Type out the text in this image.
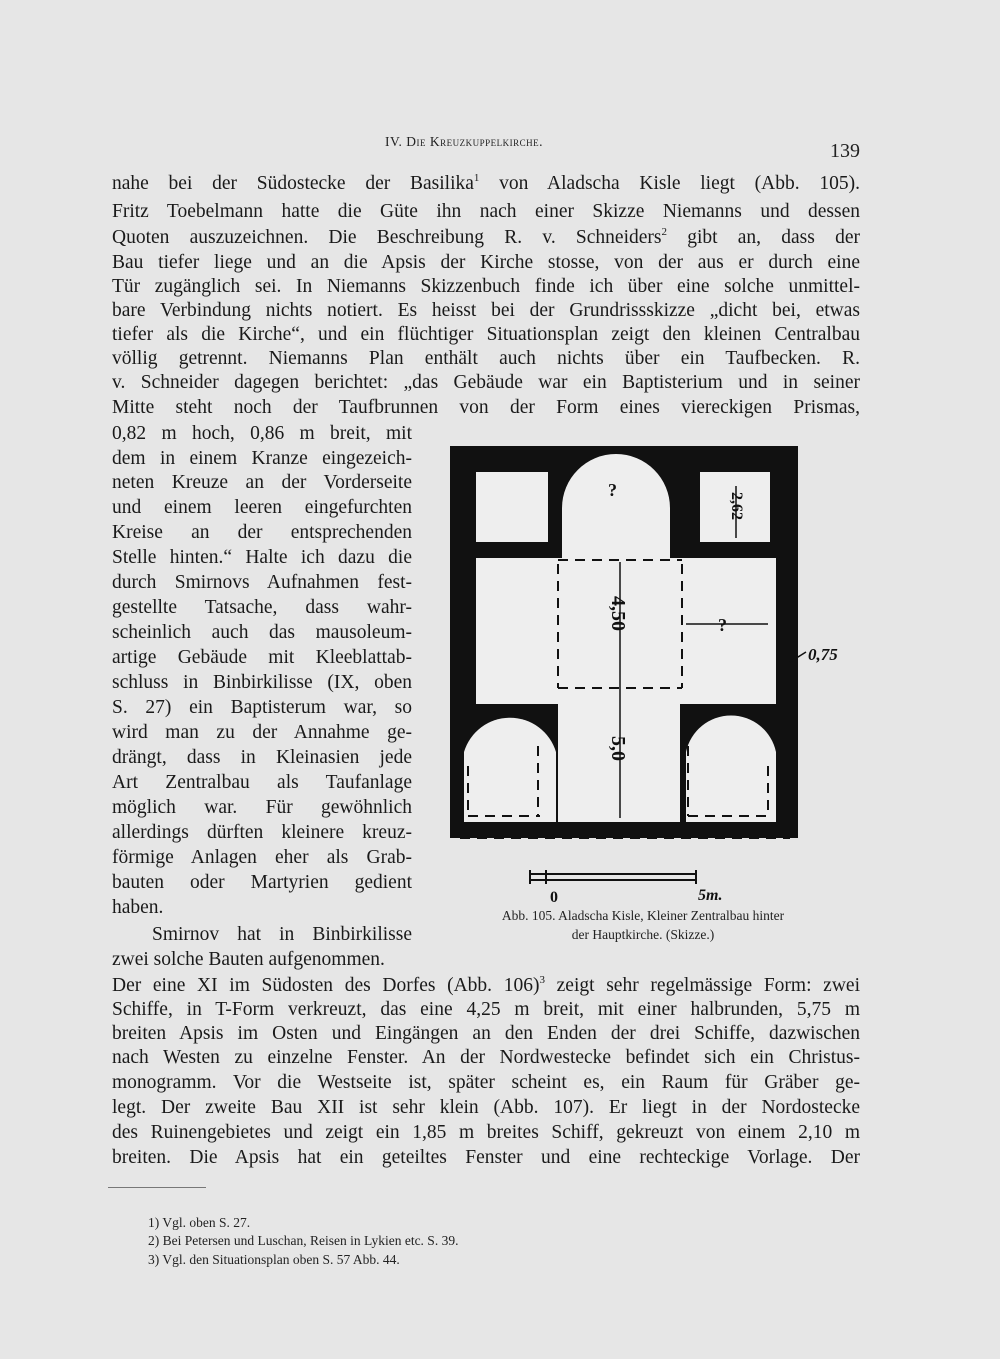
IV. Die Kreuzkuppelkirche.	139
nahe bei der Südostecke der Basilika$^1$ von Aladscha Kisle liegt (Abb. 105).
Fritz Toebelmann hatte die Güte ihn nach einer Skizze Niemanns und dessen
Quoten auszuzeichnen. Die Beschreibung R. v. Schneiders$^2$ gibt an, dass der
Bau tiefer liege und an die Apsis der Kirche stosse, von der aus er durch eine
Tür zugänglich sei. In Niemanns Skizzenbuch finde ich über eine solche unmittel-
bare Verbindung nichts notiert. Es heisst bei der Grundrissskizze „dicht bei, etwas
tiefer als die Kirche“, und ein flüchtiger Situationsplan zeigt den kleinen Centralbau
völlig getrennt. Niemanns Plan enthält auch nichts über ein Taufbecken. R.
v. Schneider dagegen berichtet: „das Gebäude war ein Baptisterium und in seiner
Mitte steht noch der Taufbrunnen von der Form eines viereckigen Prismas,
0,82 m hoch, 0,86 m breit, mit
dem in einem Kranze eingezeich-
neten Kreuze an der Vorderseite
und einem leeren eingefurchten
Kreise an der entsprechenden
Stelle hinten.“ Halte ich dazu die
durch Smirnovs Aufnahmen fest-
gestellte Tatsache, dass wahr-
scheinlich auch das mausoleum-
artige Gebäude mit Kleeblattab-
schluss in Binbirkilisse (IX, oben
S. 27) ein Baptisterum war, so
wird man zu der Annahme ge-
drängt, dass in Kleinasien jede
Art Zentralbau als Taufanlage
möglich war. Für gewöhnlich
allerdings dürften kleinere kreuz-
förmige Anlagen eher als Grab-
bauten oder Martyrien gedient
haben.
Smirnov hat in Binbirkilisse
zwei solche Bauten aufgenommen.
Der eine XI im Südosten des Dorfes (Abb. 106)$^3$ zeigt sehr regelmässige Form: zwei
Schiffe, in T-Form verkreuzt, das eine 4,25 m breit, mit einer halbrunden, 5,75 m
breiten Apsis im Osten und Eingängen an den Enden der drei Schiffe, dazwischen
nach Westen zu einzelne Fenster. An der Nordwestecke befindet sich ein Christus-
monogramm. Vor die Westseite ist, später scheint es, ein Raum für Gräber ge-
legt. Der zweite Bau XII ist sehr klein (Abb. 107). Er liegt in der Nordostecke
des Ruinengebietes und zeigt ein 1,85 m breites Schiff, gekreuzt von einem 2,10 m
breiten. Die Apsis hat ein geteiltes Fenster und eine rechteckige Vorlage. Der
?
2,62
4,50	?
0,75
5,0
0	5m.
Abb. 105. Aladscha Kisle, Kleiner Zentralbau hinter
der Hauptkirche. (Skizze.)
1) Vgl. oben S. 27.
2) Bei Petersen und Luschan, Reisen in Lykien etc. S. 39.
3) Vgl. den Situationsplan oben S. 57 Abb. 44.
